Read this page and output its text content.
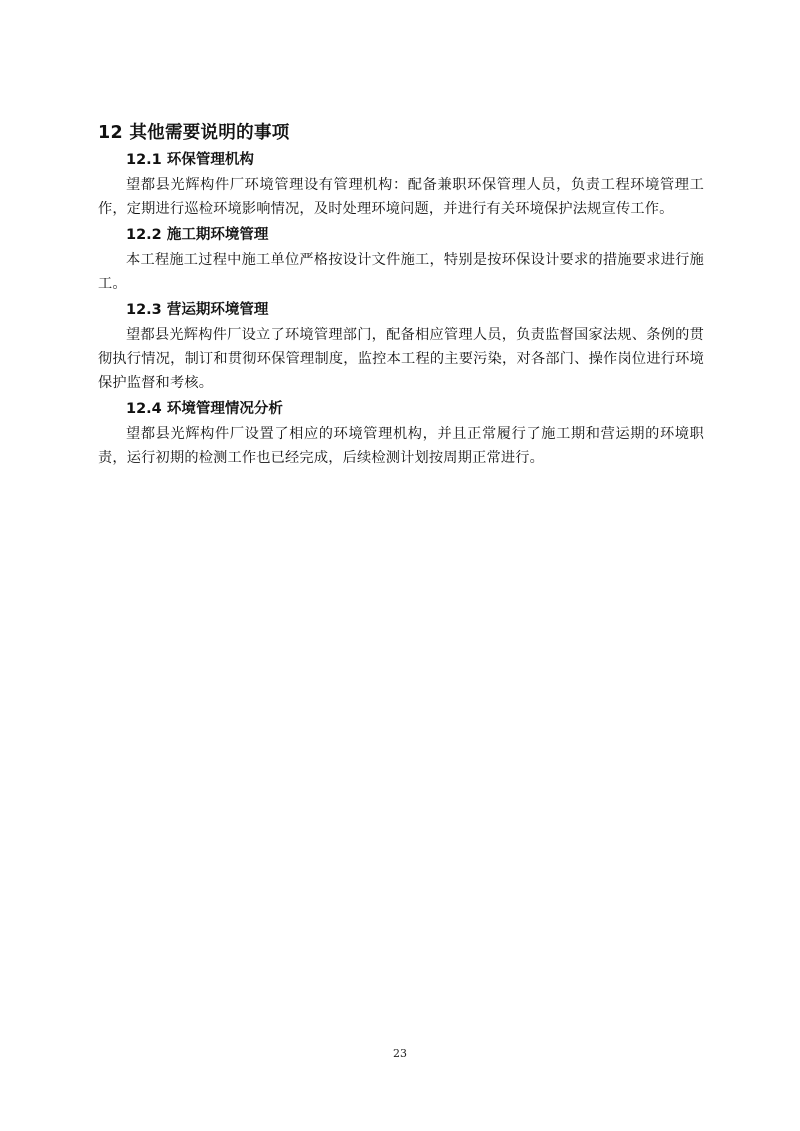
12 其他需要说明的事项
12.1 环保管理机构

望都县光辉构件厂环境管理设有管理机构：配备兼职环保管理人员，负责工程环境管理工作，定期进行巡检环境影响情况，及时处理环境问题，并进行有关环境保护法规宣传工作。

12.2 施工期环境管理

本工程施工过程中施工单位严格按设计文件施工，特别是按环保设计要求的措施要求进行施工。

12.3 营运期环境管理

望都县光辉构件厂设立了环境管理部门，配备相应管理人员，负责监督国家法规、条例的贯彻执行情况，制订和贯彻环保管理制度，监控本工程的主要污染，对各部门、操作岗位进行环境保护监督和考核。

12.4 环境管理情况分析

望都县光辉构件厂设置了相应的环境管理机构，并且正常履行了施工期和营运期的环境职责，运行初期的检测工作也已经完成，后续检测计划按周期正常进行。

23
